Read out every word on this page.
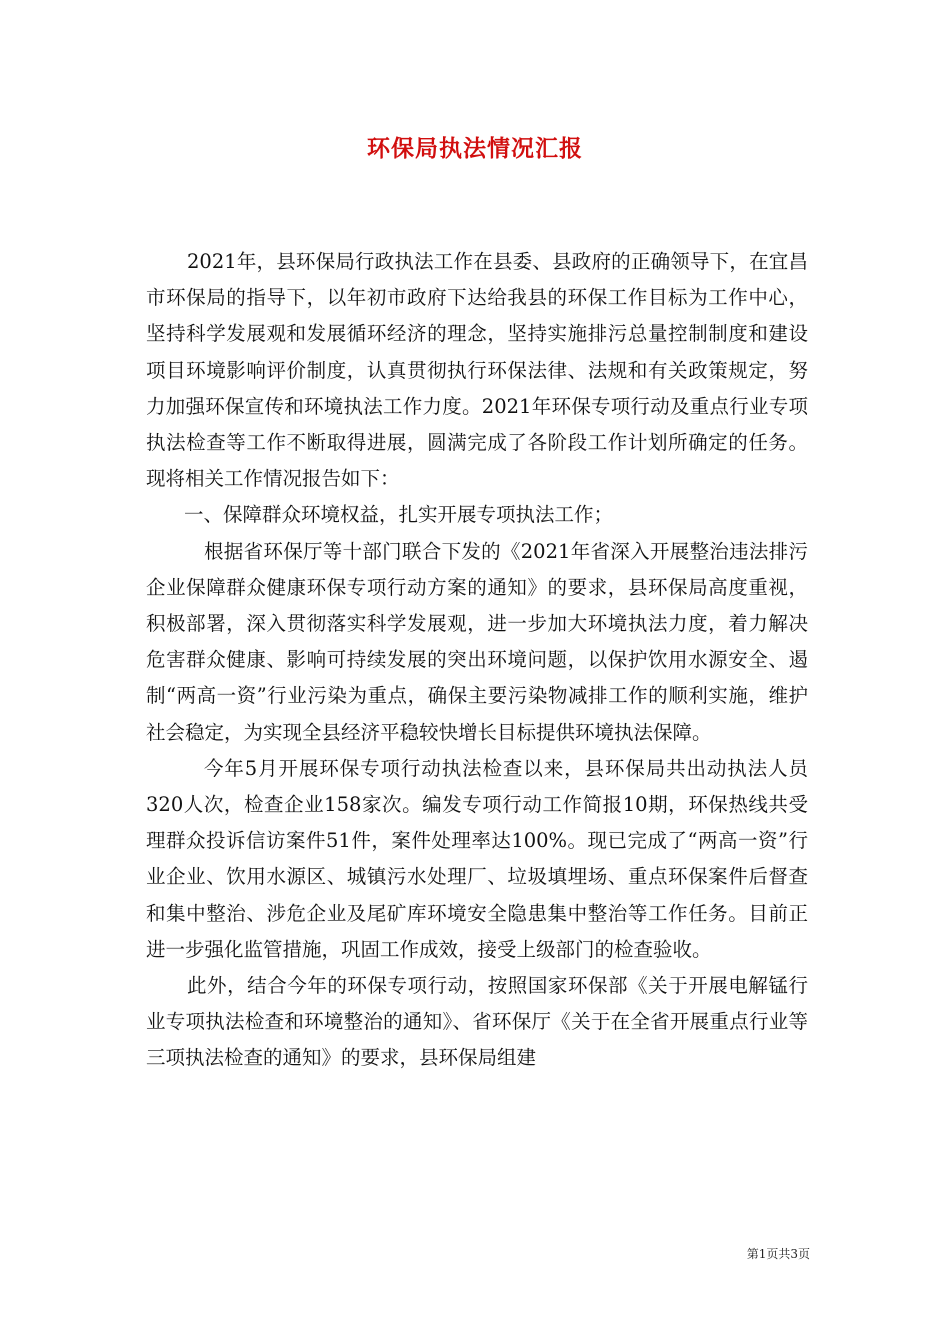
环保局执法情况汇报

2021年，县环保局行政执法工作在县委、县政府的正确领导下，在宜昌市环保局的指导下，以年初市政府下达给我县的环保工作目标为工作中心，坚持科学发展观和发展循环经济的理念，坚持实施排污总量控制制度和建设项目环境影响评价制度，认真贯彻执行环保法律、法规和有关政策规定，努力加强环保宣传和环境执法工作力度。2021年环保专项行动及重点行业专项执法检查等工作不断取得进展，圆满完成了各阶段工作计划所确定的任务。现将相关工作情况报告如下：

一、保障群众环境权益，扎实开展专项执法工作；

根据省环保厅等十部门联合下发的《2021年省深入开展整治违法排污企业保障群众健康环保专项行动方案的通知》的要求，县环保局高度重视，积极部署，深入贯彻落实科学发展观，进一步加大环境执法力度，着力解决危害群众健康、影响可持续发展的突出环境问题，以保护饮用水源安全、遏制“两高一资”行业污染为重点，确保主要污染物减排工作的顺利实施，维护社会稳定，为实现全县经济平稳较快增长目标提供环境执法保障。

今年5月开展环保专项行动执法检查以来，县环保局共出动执法人员320人次，检查企业158家次。编发专项行动工作简报10期，环保热线共受理群众投诉信访案件51件，案件处理率达100%。现已完成了“两高一资”行业企业、饮用水源区、城镇污水处理厂、垃圾填埋场、重点环保案件后督查和集中整治、涉危企业及尾矿库环境安全隐患集中整治等工作任务。目前正进一步强化监管措施，巩固工作成效，接受上级部门的检查验收。

此外，结合今年的环保专项行动，按照国家环保部《关于开展电解锰行业专项执法检查和环境整治的通知》、省环保厅《关于在全省开展重点行业等三项执法检查的通知》的要求，县环保局组建

第1页共3页
